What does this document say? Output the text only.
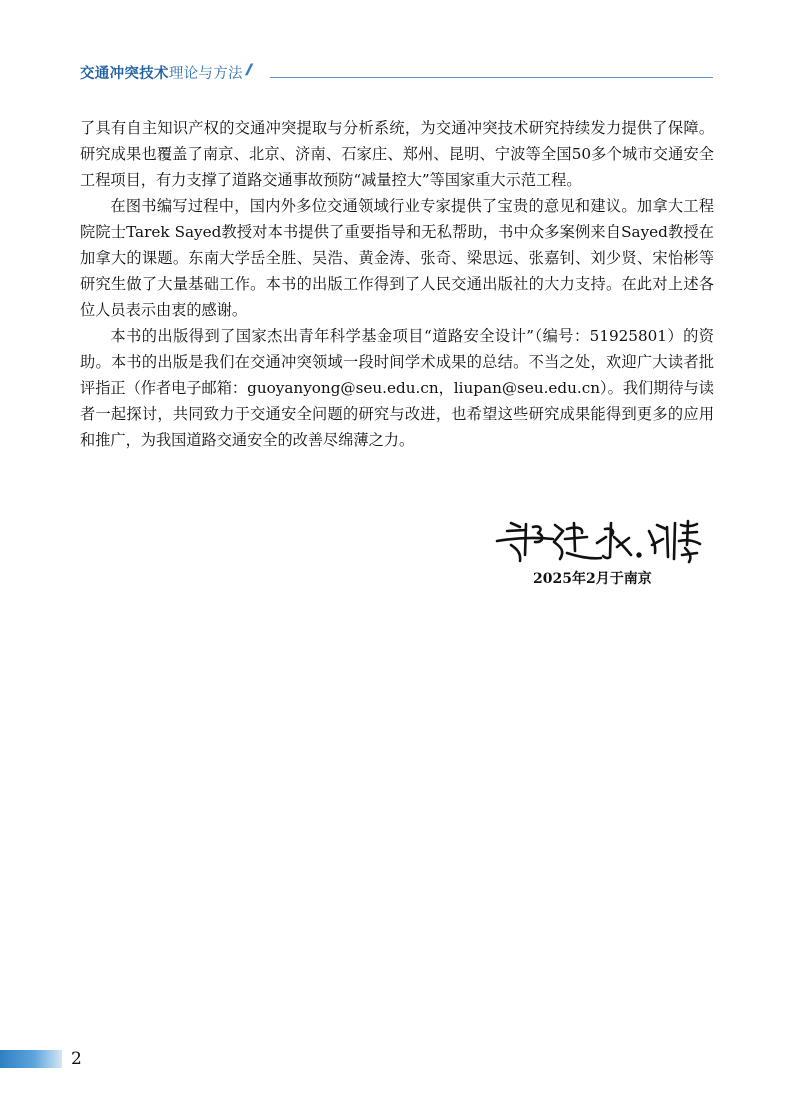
交通冲突技术理论与方法 ///

了具有自主知识产权的交通冲突提取与分析系统，为交通冲突技术研究持续发力提供了保障。研究成果也覆盖了南京、北京、济南、石家庄、郑州、昆明、宁波等全国50多个城市交通安全工程项目，有力支撑了道路交通事故预防“减量控大”等国家重大示范工程。

在图书编写过程中，国内外多位交通领域行业专家提供了宝贵的意见和建议。加拿大工程院院士Tarek Sayed教授对本书提供了重要指导和无私帮助，书中众多案例来自Sayed教授在加拿大的课题。东南大学岳全胜、吴浩、黄金涛、张奇、梁思远、张嘉钊、刘少贤、宋怡彬等研究生做了大量基础工作。本书的出版工作得到了人民交通出版社的大力支持。在此对上述各位人员表示由衷的感谢。

本书的出版得到了国家杰出青年科学基金项目“道路安全设计”（编号：51925801）的资助。本书的出版是我们在交通冲突领域一段时间学术成果的总结。不当之处，欢迎广大读者批评指正（作者电子邮箱：guoyanyong@seu.edu.cn，liupan@seu.edu.cn）。我们期待与读者一起探讨，共同致力于交通安全问题的研究与改进，也希望这些研究成果能得到更多的应用和推广，为我国道路交通安全的改善尽绵薄之力。

2025年2月于南京
2
